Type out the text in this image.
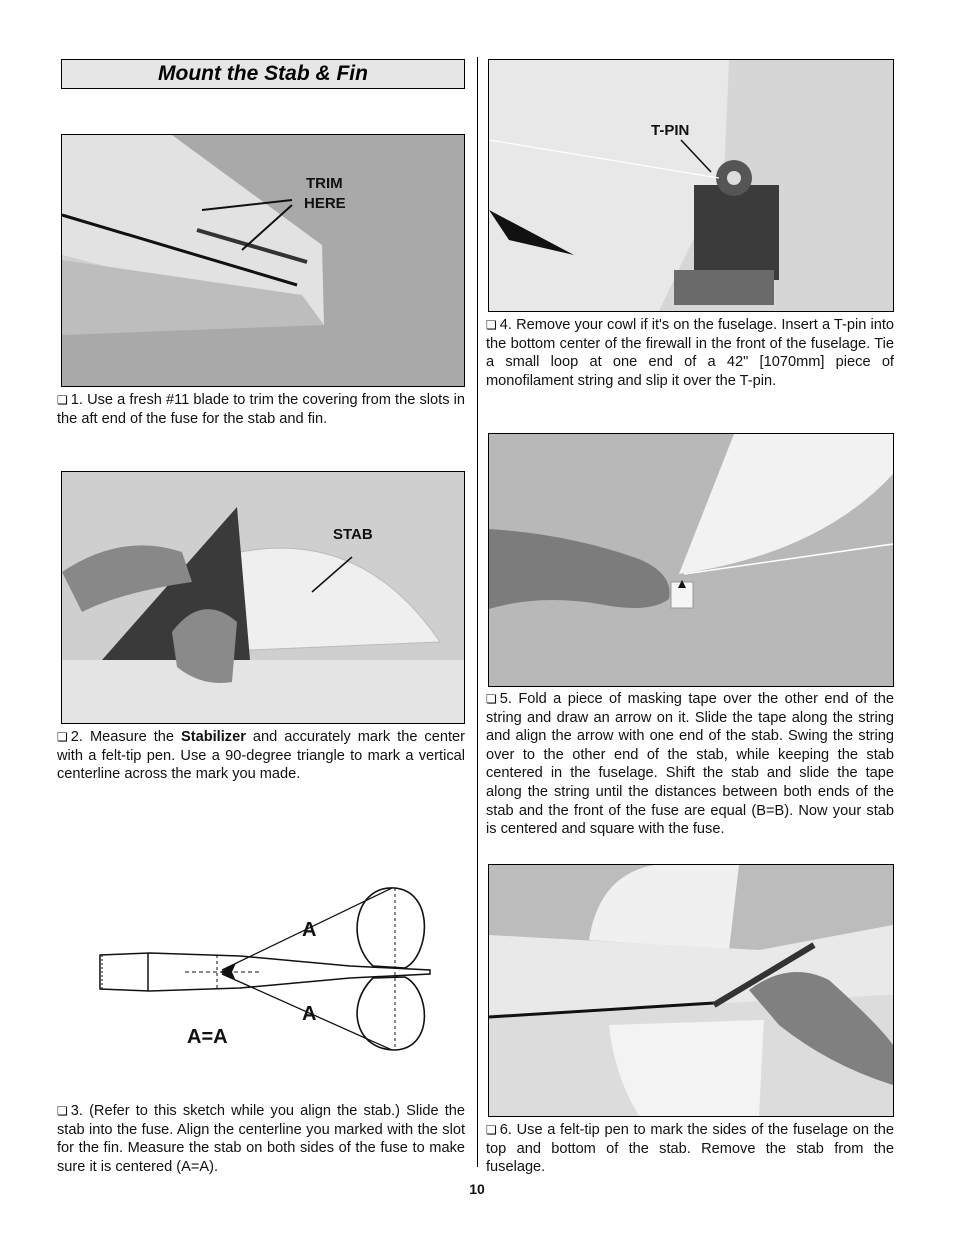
Mount the Stab & Fin
TRIM
HERE
❏ 1. Use a fresh #11 blade to trim the covering from the slots in the aft end of the fuse for the stab and fin.
STAB
❏ 2. Measure the Stabilizer and accurately mark the center with a felt-tip pen. Use a 90-degree triangle to mark a vertical centerline across the mark you made.
A
A
A=A
❏ 3. (Refer to this sketch while you align the stab.) Slide the stab into the fuse. Align the centerline you marked with the slot for the fin. Measure the stab on both sides of the fuse to make sure it is centered (A=A).
T-PIN
❏ 4. Remove your cowl if it's on the fuselage. Insert a T-pin into the bottom center of the firewall in the front of the fuselage. Tie a small loop at one end of a 42" [1070mm] piece of monofilament string and slip it over the T-pin.
❏ 5. Fold a piece of masking tape over the other end of the string and draw an arrow on it. Slide the tape along the string and align the arrow with one end of the stab. Swing the string over to the other end of the stab, while keeping the stab centered in the fuselage. Shift the stab and slide the tape along the string until the distances between both ends of the stab and the front of the fuse are equal (B=B). Now your stab is centered and square with the fuse.
❏ 6. Use a felt-tip pen to mark the sides of the fuselage on the top and bottom of the stab. Remove the stab from the fuselage.
10
